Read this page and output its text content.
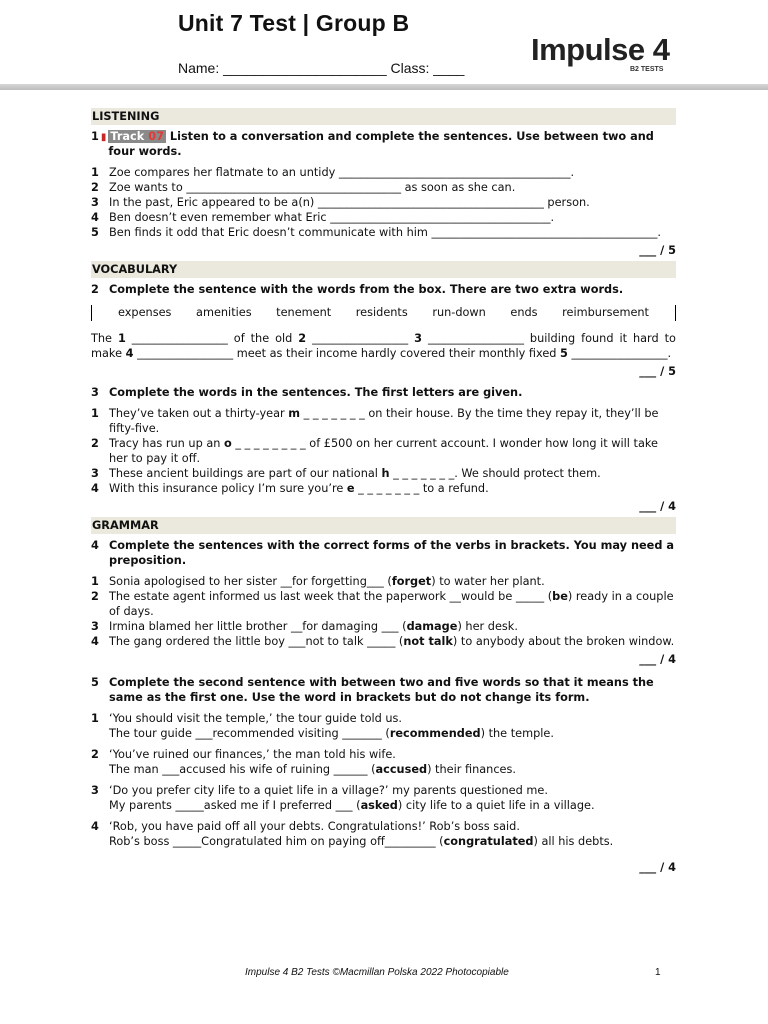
Unit 7 Test | Group B
Name: _____________________ Class: ____
Impulse 4
B2 TESTS
LISTENING
1 ▮ Track 07 Listen to a conversation and complete the sentences. Use between two and four words.
1 Zoe compares her flatmate to an untidy _________________________________________.
2 Zoe wants to ______________________________________ as soon as she can.
3 In the past, Eric appeared to be a(n) ________________________________________ person.
4 Ben doesn’t even remember what Eric _______________________________________.
5 Ben finds it odd that Eric doesn’t communicate with him ________________________________________.
___ / 5
VOCABULARY
2 Complete the sentence with the words from the box. There are two extra words.
expenses amenities tenement residents run-down ends reimbursement
The 1 _________________ of the old 2 _________________ 3 _________________ building found it hard to make 4 _________________ meet as their income hardly covered their monthly fixed 5 _________________.
___ / 5
3 Complete the words in the sentences. The first letters are given.
1 They’ve taken out a thirty-year m _ _ _ _ _ _ _ on their house. By the time they repay it, they’ll be fifty-five.
2 Tracy has run up an o _ _ _ _ _ _ _ _ of £500 on her current account. I wonder how long it will take her to pay it off.
3 These ancient buildings are part of our national h _ _ _ _ _ _ _. We should protect them.
4 With this insurance policy I’m sure you’re e _ _ _ _ _ _ _ to a refund.
___ / 4
GRAMMAR
4 Complete the sentences with the correct forms of the verbs in brackets. You may need a preposition.
1 Sonia apologised to her sister __for forgetting___ (forget) to water her plant.
2 The estate agent informed us last week that the paperwork __would be _____ (be) ready in a couple of days.
3 Irmina blamed her little brother __for damaging ___ (damage) her desk.
4 The gang ordered the little boy ___not to talk _____ (not talk) to anybody about the broken window.
___ / 4
5 Complete the second sentence with between two and five words so that it means the same as the first one. Use the word in brackets but do not change its form.
1 ‘You should visit the temple,’ the tour guide told us.
The tour guide ___recommended visiting _______ (recommended) the temple.
2 ‘You’ve ruined our finances,’ the man told his wife.
The man ___accused his wife of ruining ______ (accused) their finances.
3 ‘Do you prefer city life to a quiet life in a village?’ my parents questioned me.
My parents _____asked me if I preferred ___ (asked) city life to a quiet life in a village.
4 ‘Rob, you have paid off all your debts. Congratulations!’ Rob’s boss said.
Rob’s boss _____Congratulated him on paying off_________ (congratulated) all his debts.
___ / 4
Impulse 4 B2 Tests ©Macmillan Polska 2022 Photocopiable	1
